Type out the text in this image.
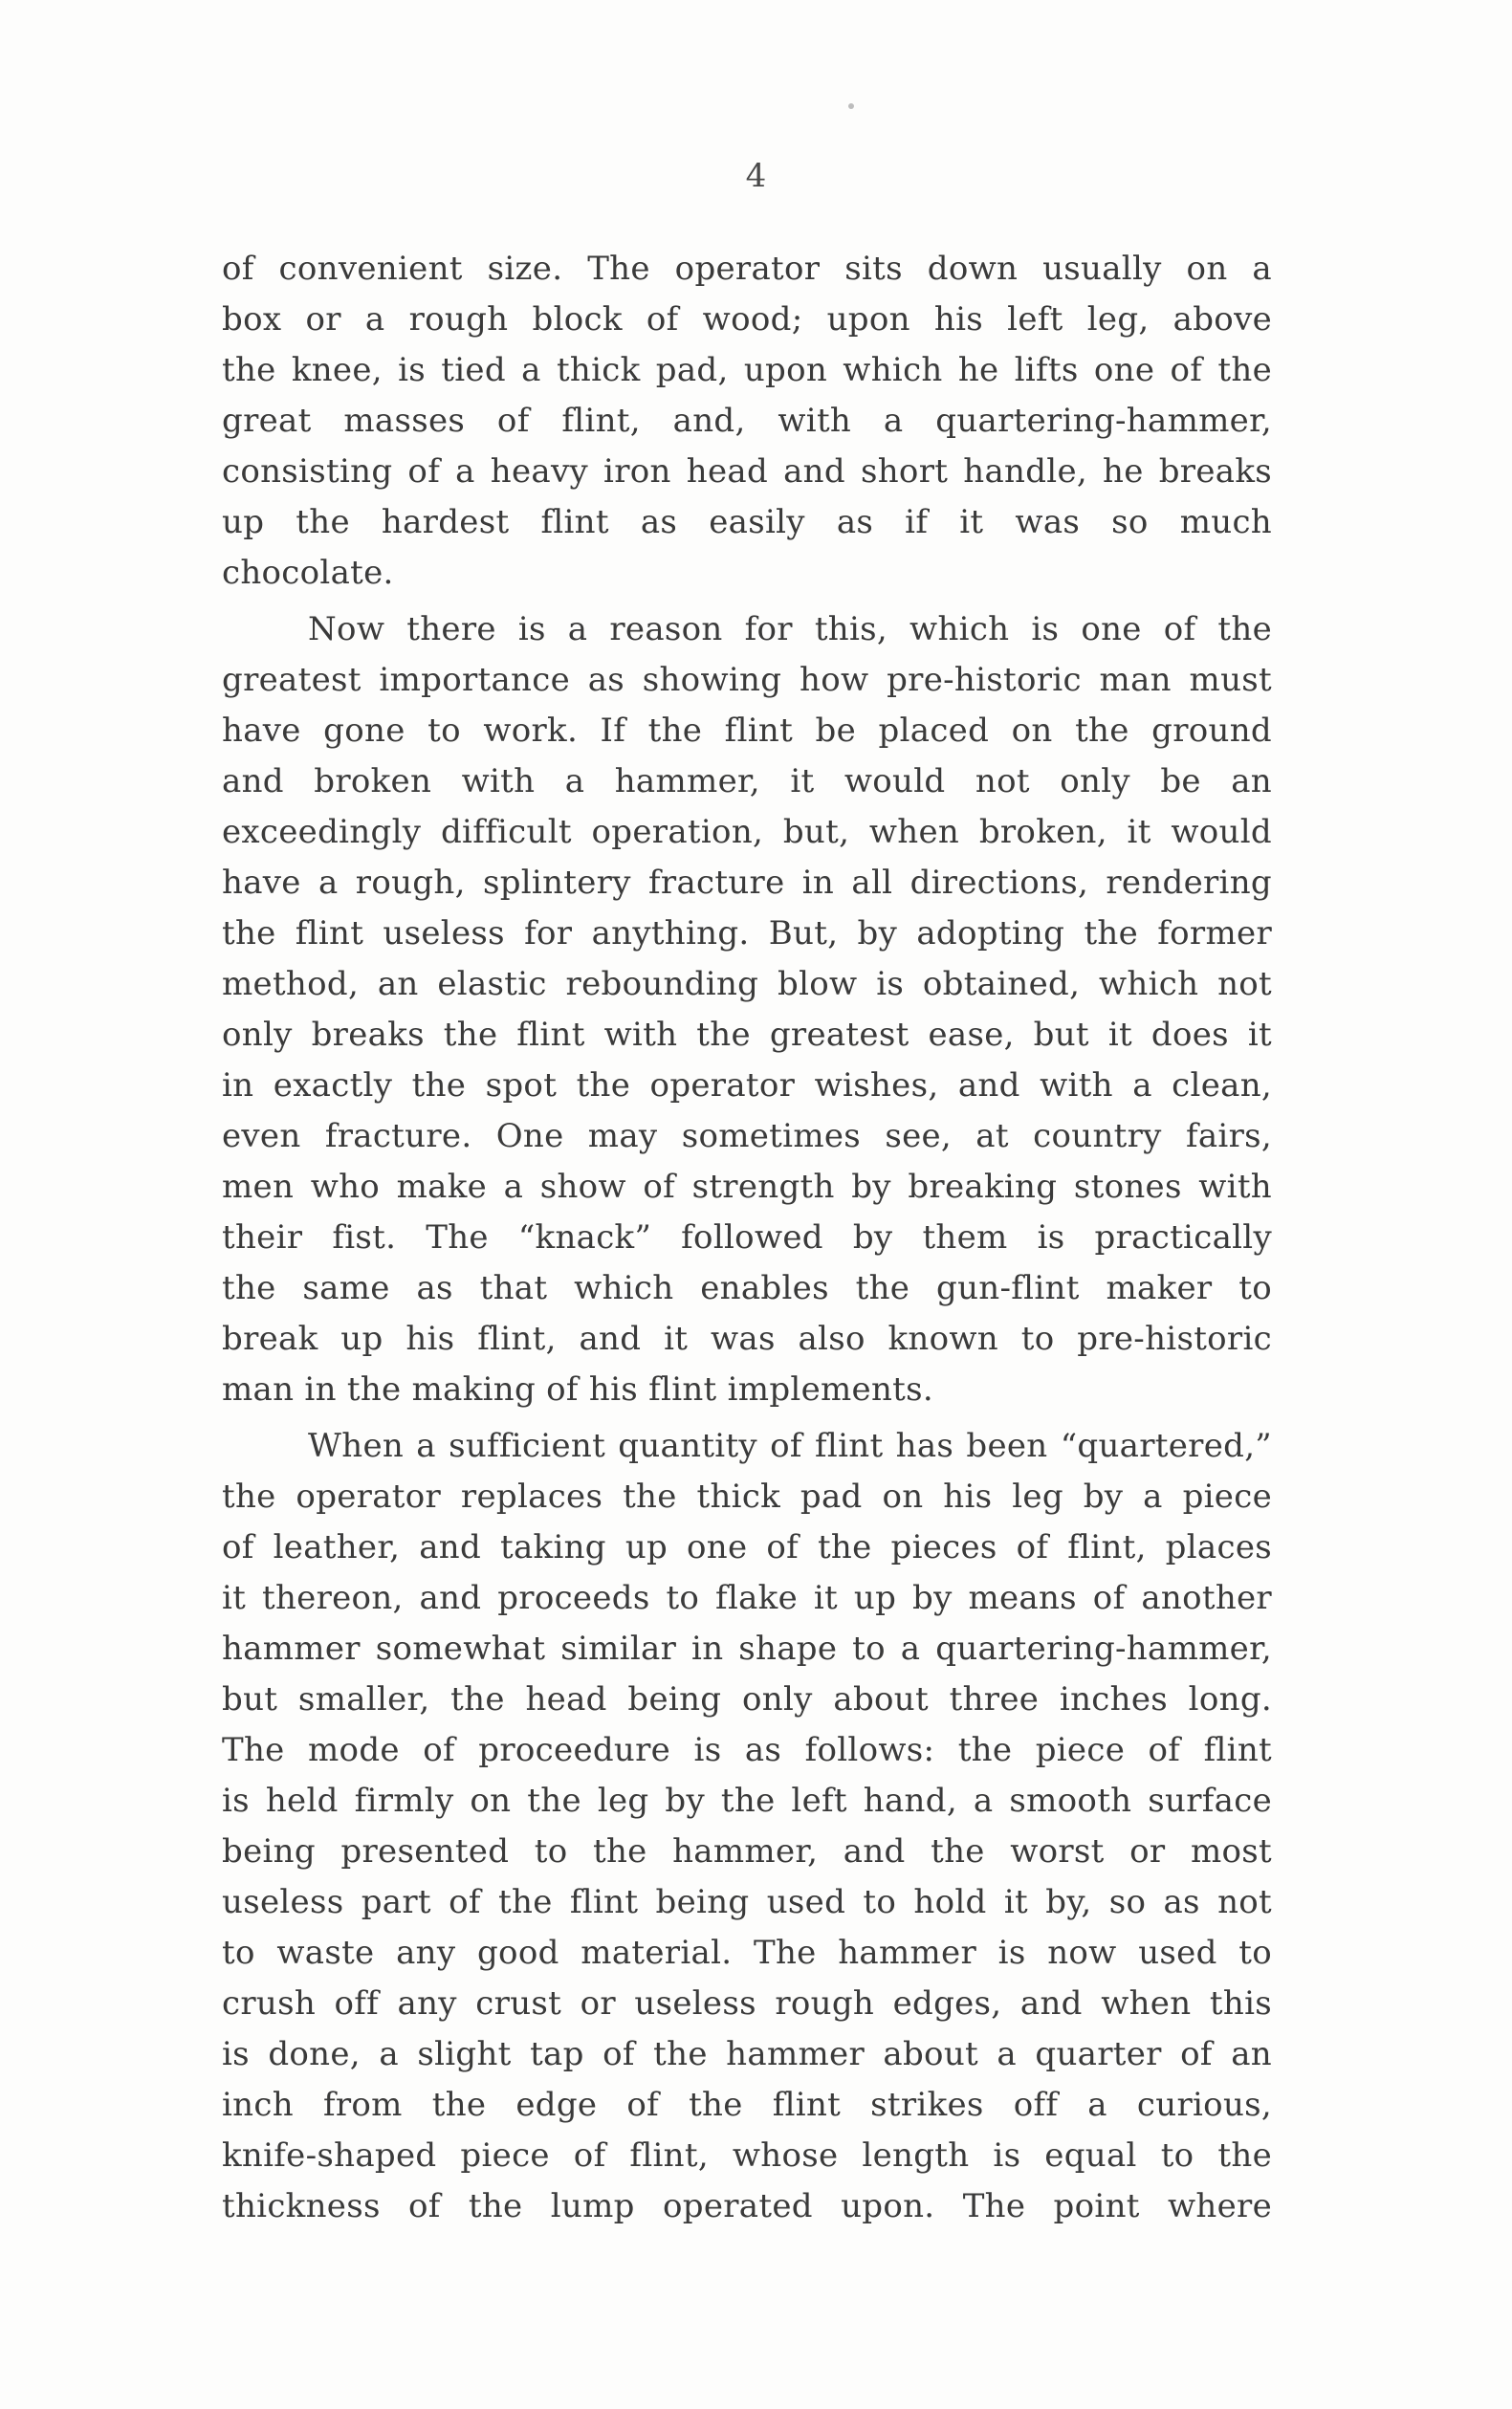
4
of convenient size. The operator sits down usually on a
box or a rough block of wood; upon his left leg, above
the knee, is tied a thick pad, upon which he lifts one of the
great masses of flint, and, with a quartering-hammer,
consisting of a heavy iron head and short handle, he breaks
up the hardest flint as easily as if it was so much
chocolate.
Now there is a reason for this, which is one of the
greatest importance as showing how pre-historic man must
have gone to work. If the flint be placed on the ground
and broken with a hammer, it would not only be an
exceedingly difficult operation, but, when broken, it would
have a rough, splintery fracture in all directions, rendering
the flint useless for anything. But, by adopting the former
method, an elastic rebounding blow is obtained, which not
only breaks the flint with the greatest ease, but it does it
in exactly the spot the operator wishes, and with a clean,
even fracture. One may sometimes see, at country fairs,
men who make a show of strength by breaking stones with
their fist. The “knack” followed by them is practically
the same as that which enables the gun-flint maker to
break up his flint, and it was also known to pre-historic
man in the making of his flint implements.
When a sufficient quantity of flint has been “quartered,”
the operator replaces the thick pad on his leg by a piece
of leather, and taking up one of the pieces of flint, places
it thereon, and proceeds to flake it up by means of another
hammer somewhat similar in shape to a quartering-hammer,
but smaller, the head being only about three inches long.
The mode of proceedure is as follows: the piece of flint
is held firmly on the leg by the left hand, a smooth surface
being presented to the hammer, and the worst or most
useless part of the flint being used to hold it by, so as not
to waste any good material. The hammer is now used to
crush off any crust or useless rough edges, and when this
is done, a slight tap of the hammer about a quarter of an
inch from the edge of the flint strikes off a curious,
knife-shaped piece of flint, whose length is equal to the
thickness of the lump operated upon. The point where
